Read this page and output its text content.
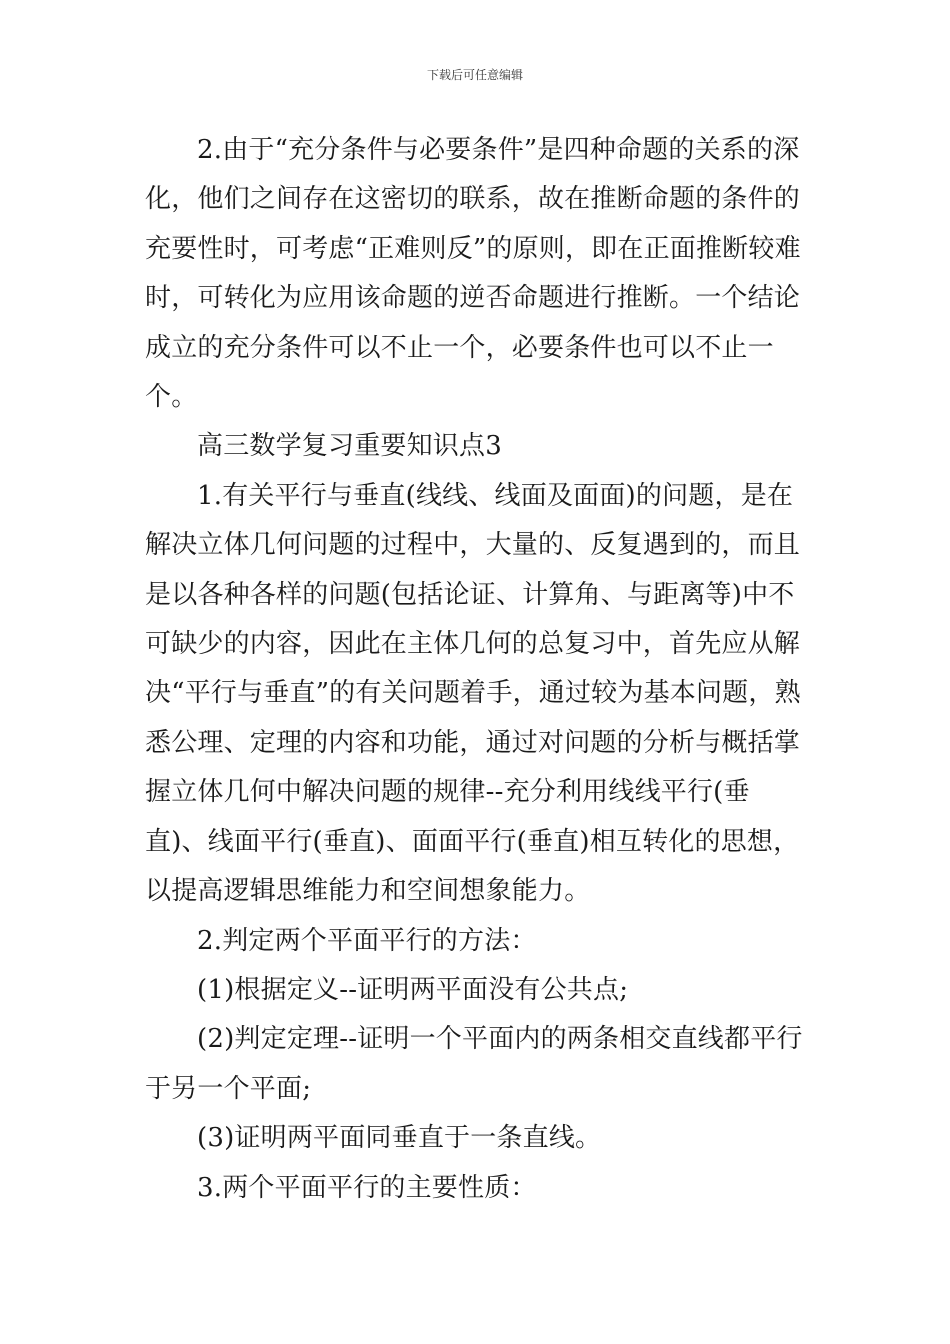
下载后可任意编辑

2.由于“充分条件与必要条件”是四种命题的关系的深化，他们之间存在这密切的联系，故在推断命题的条件的充要性时，可考虑“正难则反”的原则，即在正面推断较难时，可转化为应用该命题的逆否命题进行推断。一个结论成立的充分条件可以不止一个，必要条件也可以不止一个。

高三数学复习重要知识点3

1.有关平行与垂直(线线、线面及面面)的问题，是在解决立体几何问题的过程中，大量的、反复遇到的，而且是以各种各样的问题(包括论证、计算角、与距离等)中不可缺少的内容，因此在主体几何的总复习中，首先应从解决“平行与垂直”的有关问题着手，通过较为基本问题，熟悉公理、定理的内容和功能，通过对问题的分析与概括掌握立体几何中解决问题的规律--充分利用线线平行(垂直)、线面平行(垂直)、面面平行(垂直)相互转化的思想，以提高逻辑思维能力和空间想象能力。

2.判定两个平面平行的方法：

(1)根据定义--证明两平面没有公共点;

(2)判定定理--证明一个平面内的两条相交直线都平行于另一个平面;

(3)证明两平面同垂直于一条直线。

3.两个平面平行的主要性质：
